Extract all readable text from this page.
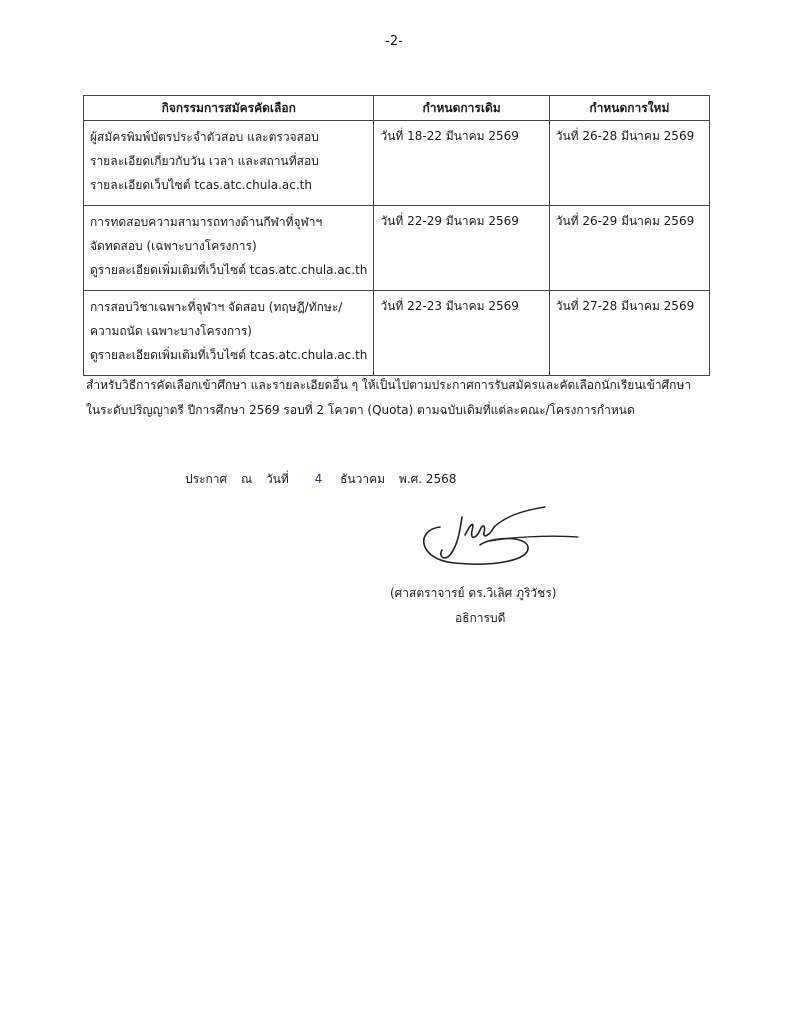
-2-
กิจกรรมการสมัครคัดเลือก	กำหนดการเดิม	กำหนดการใหม่

ผู้สมัครพิมพ์บัตรประจำตัวสอบ และตรวจสอบ
รายละเอียดเกี่ยวกับวัน เวลา และสถานที่สอบ
รายละเอียดเว็บไซต์ tcas.atc.chula.ac.th	วันที่ 18-22 มีนาคม 2569	วันที่ 26-28 มีนาคม 2569

การทดสอบความสามารถทางด้านกีฬาที่จุฬาฯ
จัดทดสอบ (เฉพาะบางโครงการ)
ดูรายละเอียดเพิ่มเติมที่เว็บไซต์ tcas.atc.chula.ac.th	วันที่ 22-29 มีนาคม 2569	วันที่ 26-29 มีนาคม 2569

การสอบวิชาเฉพาะที่จุฬาฯ จัดสอบ (ทฤษฎี/ทักษะ/
ความถนัด เฉพาะบางโครงการ)
ดูรายละเอียดเพิ่มเติมที่เว็บไซต์ tcas.atc.chula.ac.th	วันที่ 22-23 มีนาคม 2569	วันที่ 27-28 มีนาคม 2569
สำหรับวิธีการคัดเลือกเข้าศึกษา และรายละเอียดอื่น ๆ ให้เป็นไปตามประกาศการรับสมัครและคัดเลือกนักเรียนเข้าศึกษา
ในระดับปริญญาตรี ปีการศึกษา 2569 รอบที่ 2 โควตา (Quota) ตามฉบับเดิมที่แต่ละคณะ/โครงการกำหนด
ประกาศ ณ วันที่ 4 ธันวาคม พ.ศ. 2568
(ศาสตราจารย์ ดร.วิเลิศ ภูริวัชร)
อธิการบดี
